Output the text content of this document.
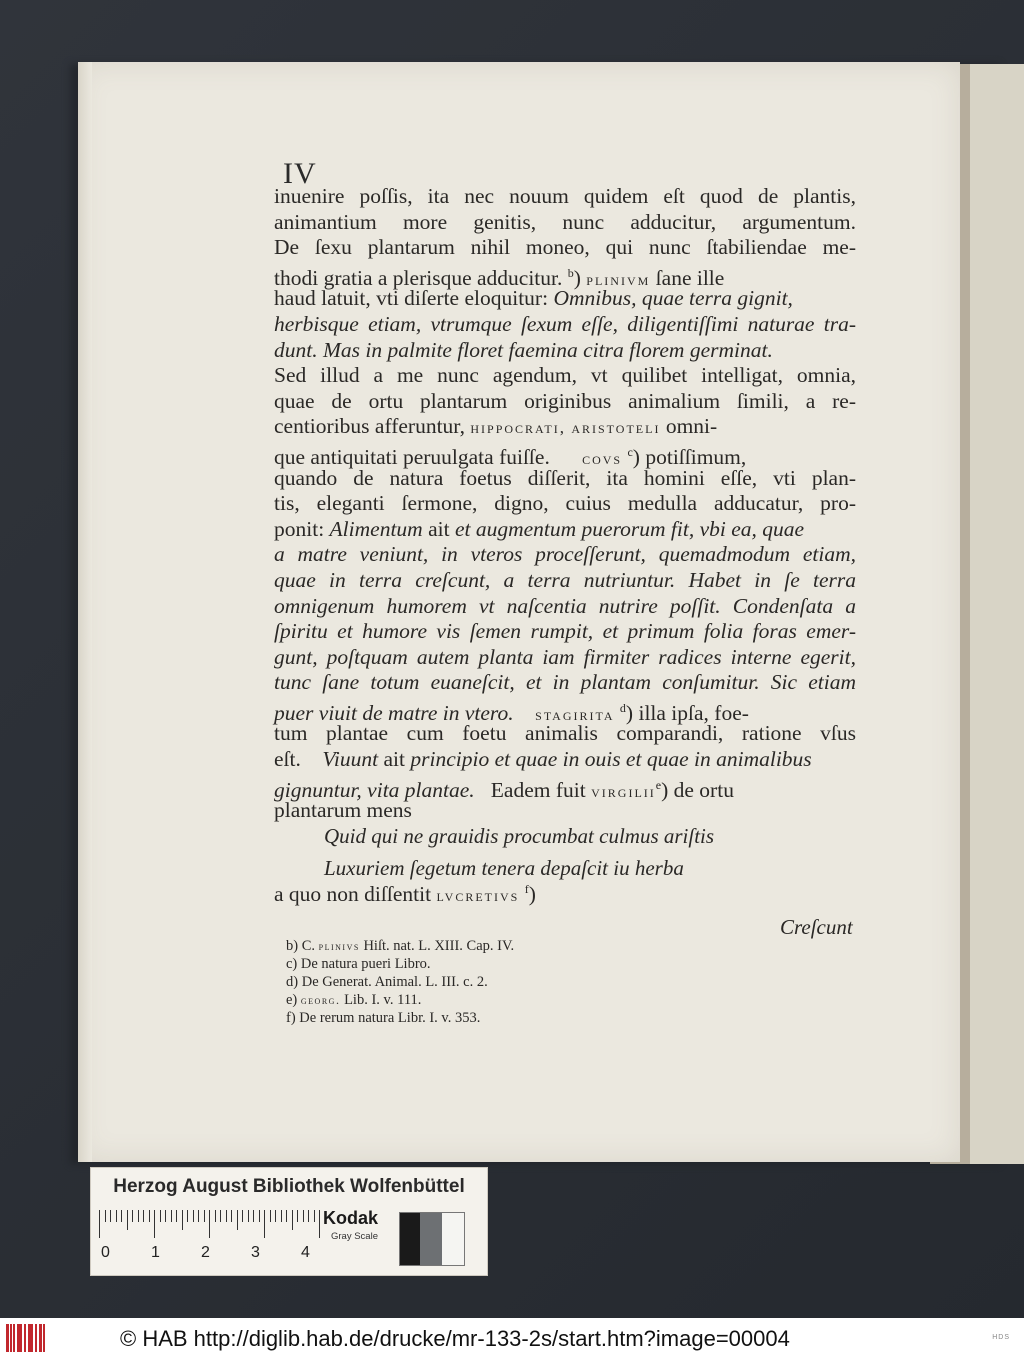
IV
inuenire poſſis, ita nec nouum quidem eſt quod de plantis,
animantium more genitis, nunc adducitur, argumentum.
De ſexu plantarum nihil moneo, qui nunc ſtabiliendae me-
thodi gratia a plerisque adducitur. $^b$) plinivm ſane ille
haud latuit, vti diſerte eloquitur: Omnibus, quae terra gignit,
herbisque etiam, vtrumque ſexum eſſe, diligentiſſimi naturae tra-
dunt. Mas in palmite floret faemina citra florem germinat.
Sed illud a me nunc agendum, vt quilibet intelligat, omnia,
quae de ortu plantarum originibus animalium ſimili, a re-
centioribus afferuntur, hippocrati, aristoteli omni-
que antiquitati peruulgata fuiſſe. covs $^c$) potiſſimum,
quando de natura foetus diſſerit, ita homini eſſe, vti plan-
tis, eleganti ſermone, digno, cuius medulla adducatur, pro-
ponit: Alimentum ait et augmentum puerorum fit, vbi ea, quae
a matre veniunt, in vteros proceſſerunt, quemadmodum etiam,
quae in terra creſcunt, a terra nutriuntur. Habet in ſe terra
omnigenum humorem vt naſcentia nutrire poſſit. Condenſata a
ſpiritu et humore vis ſemen rumpit, et primum folia foras emer-
gunt, poſtquam autem planta iam firmiter radices interne egerit,
tunc ſane totum euaneſcit, et in plantam conſumitur. Sic etiam
puer viuit de matre in vtero. stagirita $^d$) illa ipſa, foe-
tum plantae cum foetu animalis comparandi, ratione vſus
eſt. Viuunt ait principio et quae in ouis et quae in animalibus
gignuntur, vita plantae. Eadem fuit virgilii$^e$) de ortu
plantarum mens
Quid qui ne grauidis procumbat culmus ariſtis
Luxuriem ſegetum tenera depaſcit iu herba
a quo non diſſentit lvcretivs $^f$)
Creſcunt
b) C. plinivs Hiſt. nat. L. XIII. Cap. IV.
c) De natura pueri Libro.
d) De Generat. Animal. L. III. c. 2.
e) georg. Lib. I. v. 111.
f) De rerum natura Libr. I. v. 353.
Herzog August Bibliothek Wolfenbüttel
0	1	2	3	4
Kodak
Gray Scale
© HAB http://diglib.hab.de/drucke/mr-133-2s/start.htm?image=00004	HDS
